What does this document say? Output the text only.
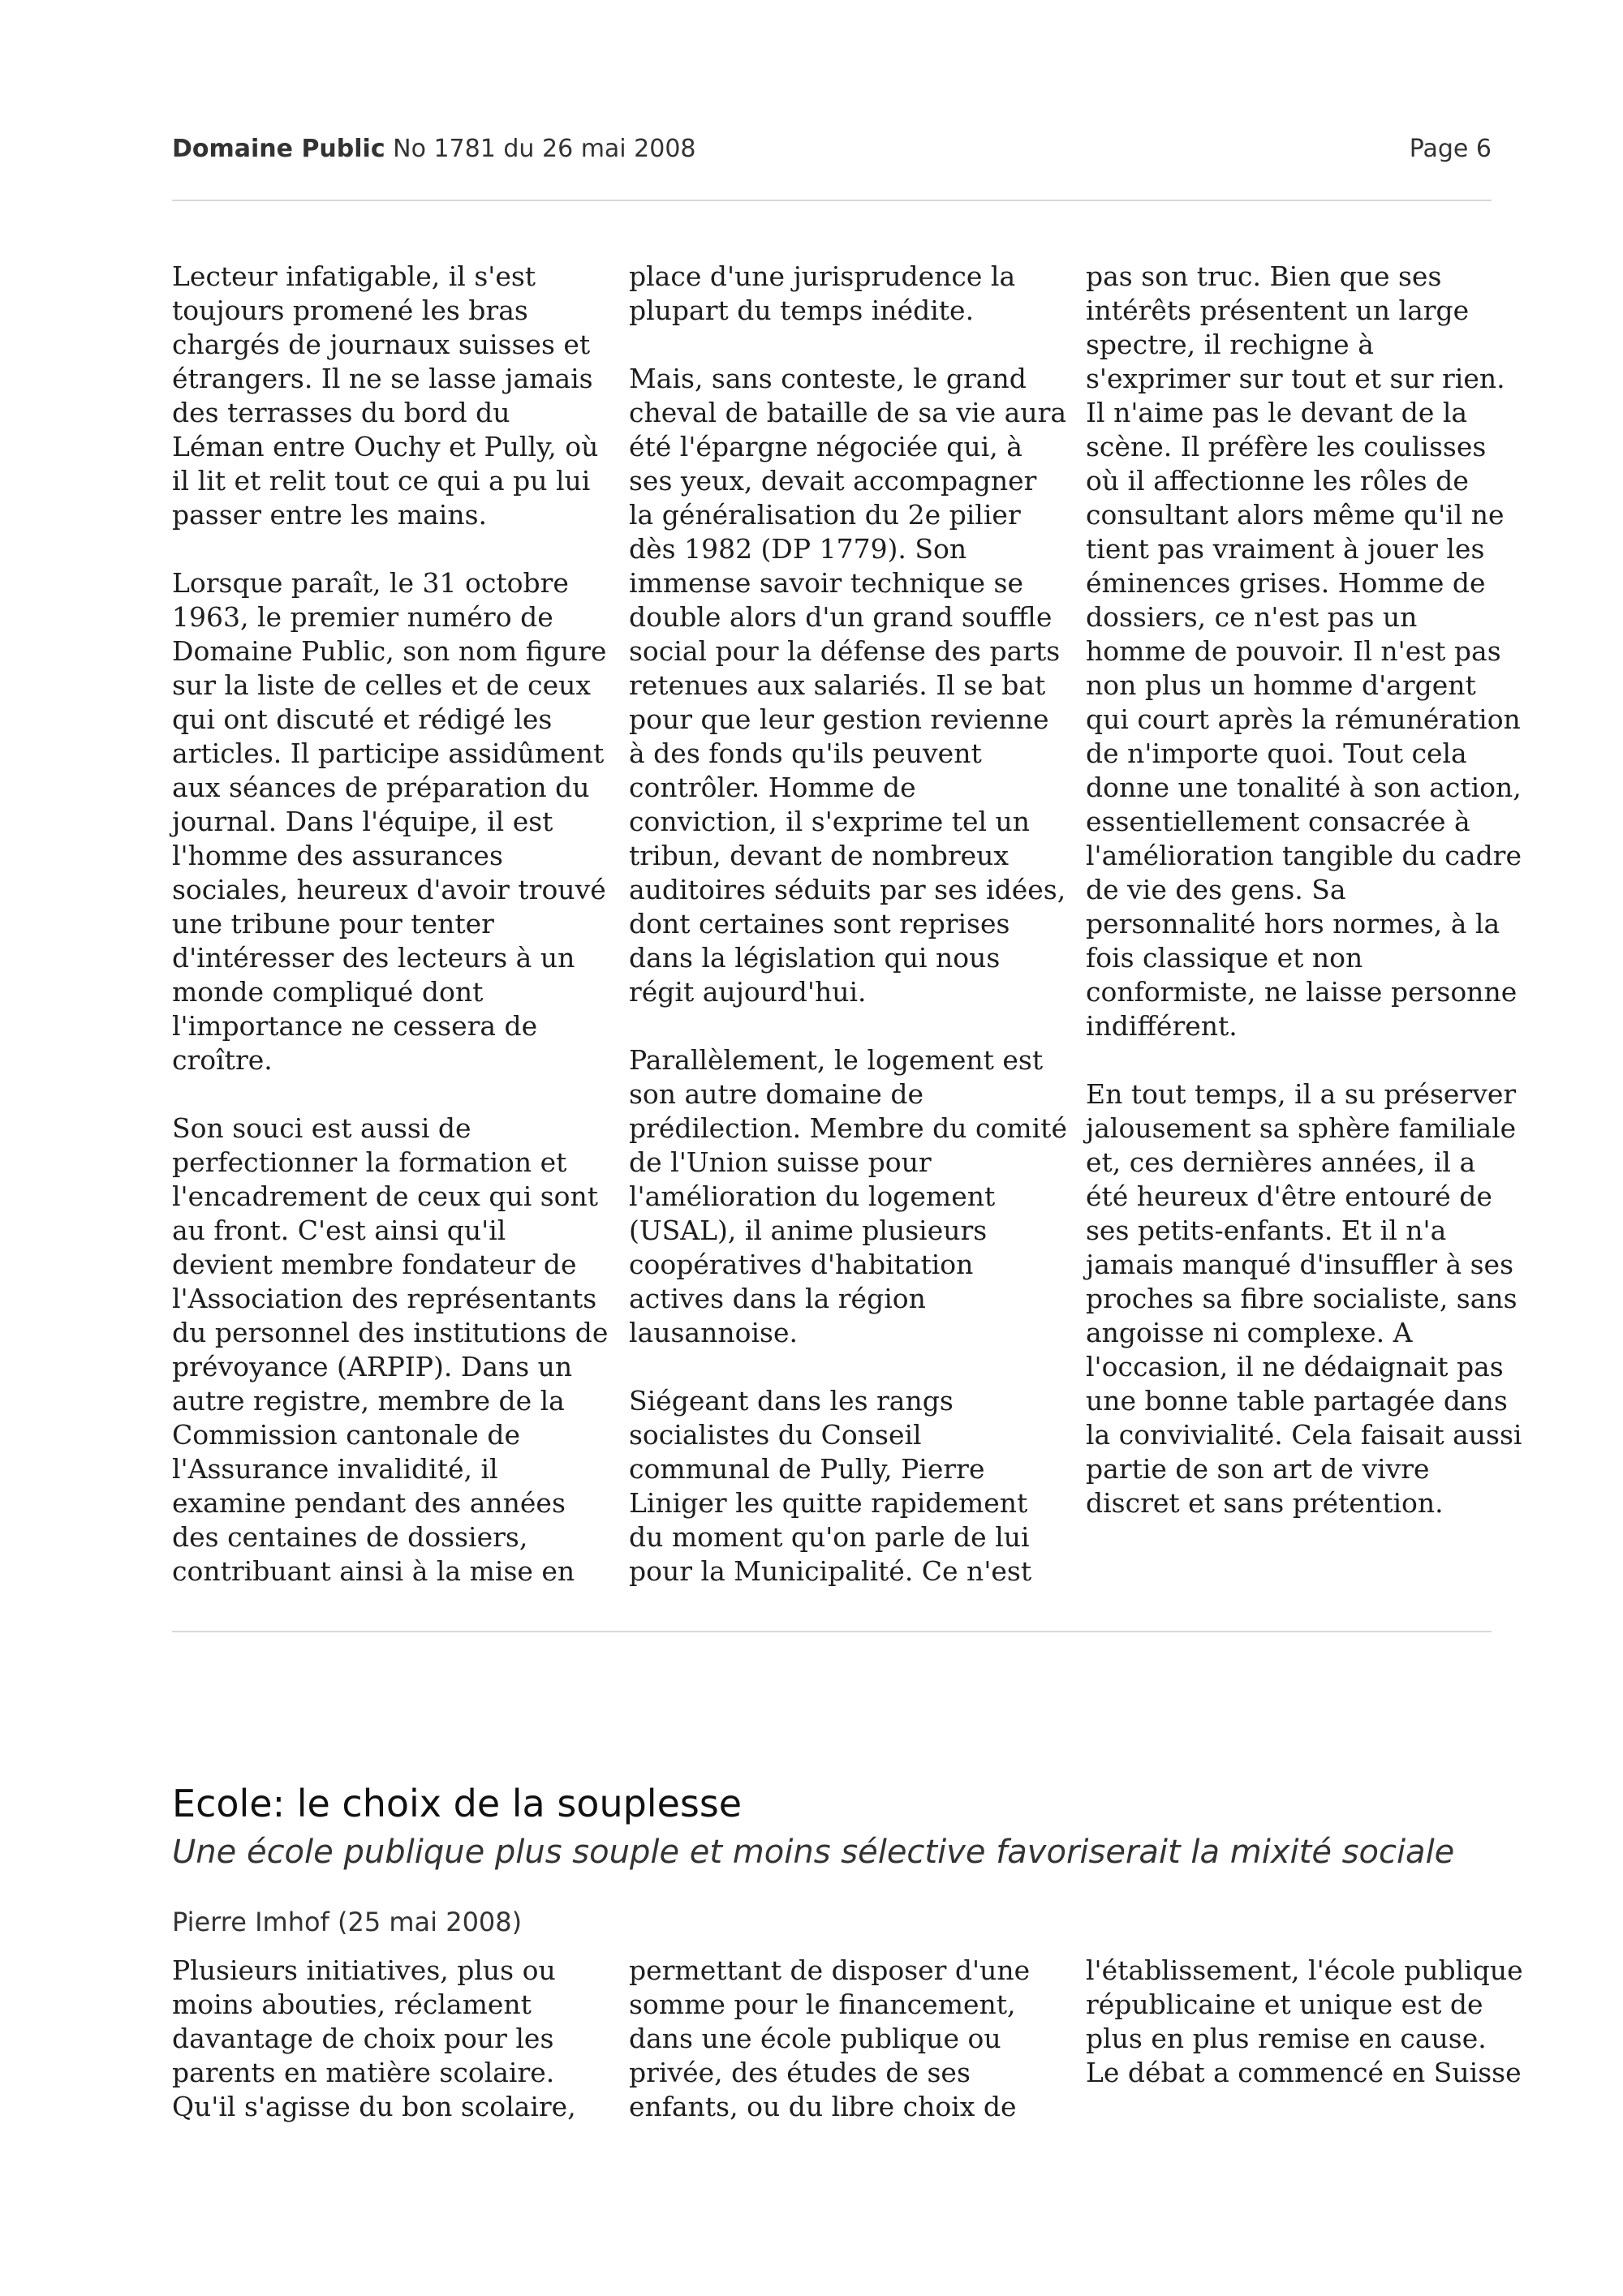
Domaine Public No 1781 du 26 mai 2008	Page 6

Lecteur infatigable, il s'est toujours promené les bras chargés de journaux suisses et étrangers. Il ne se lasse jamais des terrasses du bord du Léman entre Ouchy et Pully, où il lit et relit tout ce qui a pu lui passer entre les mains.

Lorsque paraît, le 31 octobre 1963, le premier numéro de Domaine Public, son nom figure sur la liste de celles et de ceux qui ont discuté et rédigé les articles. Il participe assidûment aux séances de préparation du journal. Dans l'équipe, il est l'homme des assurances sociales, heureux d'avoir trouvé une tribune pour tenter d'intéresser des lecteurs à un monde compliqué dont l'importance ne cessera de croître.

Son souci est aussi de perfectionner la formation et l'encadrement de ceux qui sont au front. C'est ainsi qu'il devient membre fondateur de l'Association des représentants du personnel des institutions de prévoyance (ARPIP). Dans un autre registre, membre de la Commission cantonale de l'Assurance invalidité, il examine pendant des années des centaines de dossiers, contribuant ainsi à la mise en

place d'une jurisprudence la plupart du temps inédite.

Mais, sans conteste, le grand cheval de bataille de sa vie aura été l'épargne négociée qui, à ses yeux, devait accompagner la généralisation du 2e pilier dès 1982 (DP 1779). Son immense savoir technique se double alors d'un grand souffle social pour la défense des parts retenues aux salariés. Il se bat pour que leur gestion revienne à des fonds qu'ils peuvent contrôler. Homme de conviction, il s'exprime tel un tribun, devant de nombreux auditoires séduits par ses idées, dont certaines sont reprises dans la législation qui nous régit aujourd'hui.

Parallèlement, le logement est son autre domaine de prédilection. Membre du comité de l'Union suisse pour l'amélioration du logement (USAL), il anime plusieurs coopératives d'habitation actives dans la région lausannoise.

Siégeant dans les rangs socialistes du Conseil communal de Pully, Pierre Liniger les quitte rapidement du moment qu'on parle de lui pour la Municipalité. Ce n'est

pas son truc. Bien que ses intérêts présentent un large spectre, il rechigne à s'exprimer sur tout et sur rien. Il n'aime pas le devant de la scène. Il préfère les coulisses où il affectionne les rôles de consultant alors même qu'il ne tient pas vraiment à jouer les éminences grises. Homme de dossiers, ce n'est pas un homme de pouvoir. Il n'est pas non plus un homme d'argent qui court après la rémunération de n'importe quoi. Tout cela donne une tonalité à son action, essentiellement consacrée à l'amélioration tangible du cadre de vie des gens. Sa personnalité hors normes, à la fois classique et non conformiste, ne laisse personne indifférent.

En tout temps, il a su préserver jalousement sa sphère familiale et, ces dernières années, il a été heureux d'être entouré de ses petits-enfants. Et il n'a jamais manqué d'insuffler à ses proches sa fibre socialiste, sans angoisse ni complexe. A l'occasion, il ne dédaignait pas une bonne table partagée dans la convivialité. Cela faisait aussi partie de son art de vivre discret et sans prétention.

Ecole: le choix de la souplesse
Une école publique plus souple et moins sélective favoriserait la mixité sociale
Pierre Imhof (25 mai 2008)

Plusieurs initiatives, plus ou moins abouties, réclament davantage de choix pour les parents en matière scolaire. Qu'il s'agisse du bon scolaire,

permettant de disposer d'une somme pour le financement, dans une école publique ou privée, des études de ses enfants, ou du libre choix de

l'établissement, l'école publique républicaine et unique est de plus en plus remise en cause. Le débat a commencé en Suisse
